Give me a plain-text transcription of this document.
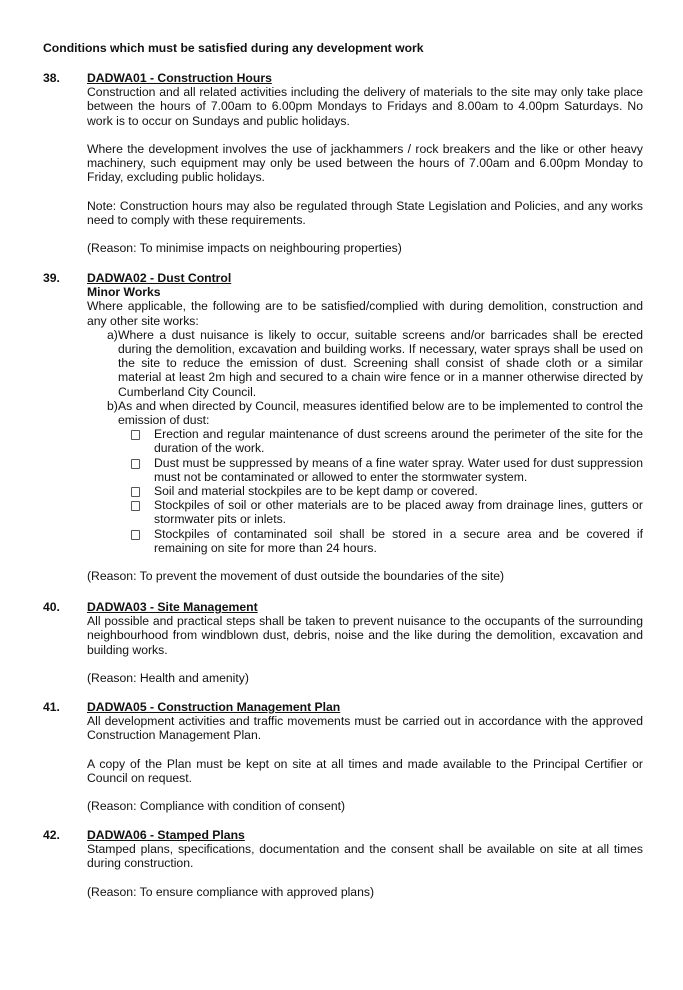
Conditions which must be satisfied during any development work
38. DADWA01 - Construction Hours

Construction and all related activities including the delivery of materials to the site may only take place between the hours of 7.00am to 6.00pm Mondays to Fridays and 8.00am to 4.00pm Saturdays. No work is to occur on Sundays and public holidays.

Where the development involves the use of jackhammers / rock breakers and the like or other heavy machinery, such equipment may only be used between the hours of 7.00am and 6.00pm Monday to Friday, excluding public holidays.

Note: Construction hours may also be regulated through State Legislation and Policies, and any works need to comply with these requirements.

(Reason: To minimise impacts on neighbouring properties)

39. DADWA02 - Dust Control
Minor Works

Where applicable, the following are to be satisfied/complied with during demolition, construction and any other site works:

a) Where a dust nuisance is likely to occur, suitable screens and/or barricades shall be erected during the demolition, excavation and building works. If necessary, water sprays shall be used on the site to reduce the emission of dust. Screening shall consist of shade cloth or a similar material at least 2m high and secured to a chain wire fence or in a manner otherwise directed by Cumberland City Council.
b) As and when directed by Council, measures identified below are to be implemented to control the emission of dust:
Erection and regular maintenance of dust screens around the perimeter of the site for the duration of the work.
Dust must be suppressed by means of a fine water spray. Water used for dust suppression must not be contaminated or allowed to enter the stormwater system.
Soil and material stockpiles are to be kept damp or covered.
Stockpiles of soil or other materials are to be placed away from drainage lines, gutters or stormwater pits or inlets.
Stockpiles of contaminated soil shall be stored in a secure area and be covered if remaining on site for more than 24 hours.

(Reason: To prevent the movement of dust outside the boundaries of the site)

40. DADWA03 - Site Management

All possible and practical steps shall be taken to prevent nuisance to the occupants of the surrounding neighbourhood from windblown dust, debris, noise and the like during the demolition, excavation and building works.

(Reason: Health and amenity)

41. DADWA05 - Construction Management Plan

All development activities and traffic movements must be carried out in accordance with the approved Construction Management Plan.

A copy of the Plan must be kept on site at all times and made available to the Principal Certifier or Council on request.

(Reason: Compliance with condition of consent)

42. DADWA06 - Stamped Plans

Stamped plans, specifications, documentation and the consent shall be available on site at all times during construction.

(Reason: To ensure compliance with approved plans)
